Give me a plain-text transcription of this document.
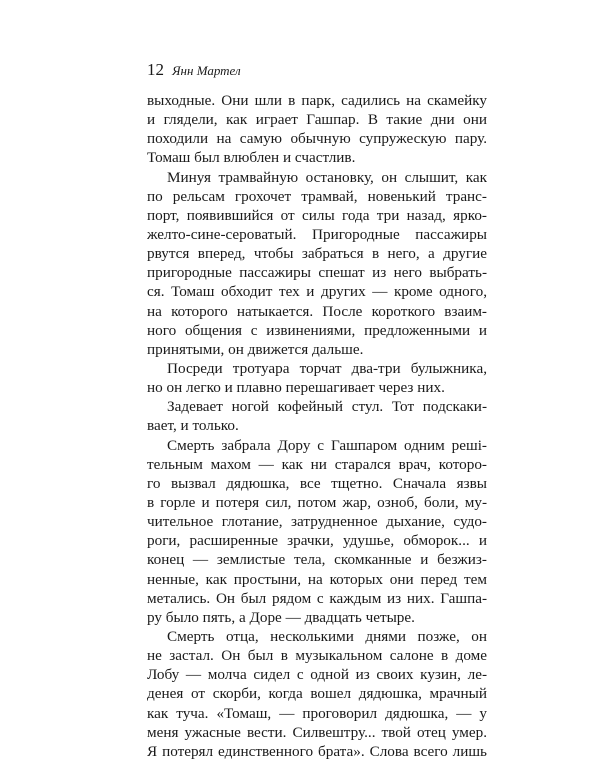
12 Янн Мартел
выходные. Они шли в парк, садились на скамейку
и глядели, как играет Гашпар. В такие дни они
походили на самую обычную супружескую пару.
Томаш был влюблен и счастлив.
Минуя трамвайную остановку, он слышит, как
по рельсам грохочет трамвай, новенький транс-
порт, появившийся от силы года три назад, ярко-
желто-сине-сероватый. Пригородные пассажиры
рвутся вперед, чтобы забраться в него, а другие
пригородные пассажиры спешат из него выбрать-
ся. Томаш обходит тех и других — кроме одного,
на которого натыкается. После короткого взаим-
ного общения с извинениями, предложенными и
принятыми, он движется дальше.
Посреди тротуара торчат два-три булыжника,
но он легко и плавно перешагивает через них.
Задевает ногой кофейный стул. Тот подскаки-
вает, и только.
Смерть забрала Дору с Гашпаром одним решi-
тельным махом — как ни старался врач, которо-
го вызвал дядюшка, все тщетно. Сначала язвы
в горле и потеря сил, потом жар, озноб, боли, му-
чительное глотание, затрудненное дыхание, судо-
роги, расширенные зрачки, удушье, обморок... и
конец — землистые тела, скомканные и безжиз-
ненные, как простыни, на которых они перед тем
метались. Он был рядом с каждым из них. Гашпа-
ру было пять, а Доре — двадцать четыре.
Смерть отца, несколькими днями позже, он
не застал. Он был в музыкальном салоне в доме
Лобу — молча сидел с одной из своих кузин, ле-
денея от скорби, когда вошел дядюшка, мрачный
как туча. «Томаш, — проговорил дядюшка, — у
меня ужасные вести. Силвештру... твой отец умер.
Я потерял единственного брата». Слова всего лишь
